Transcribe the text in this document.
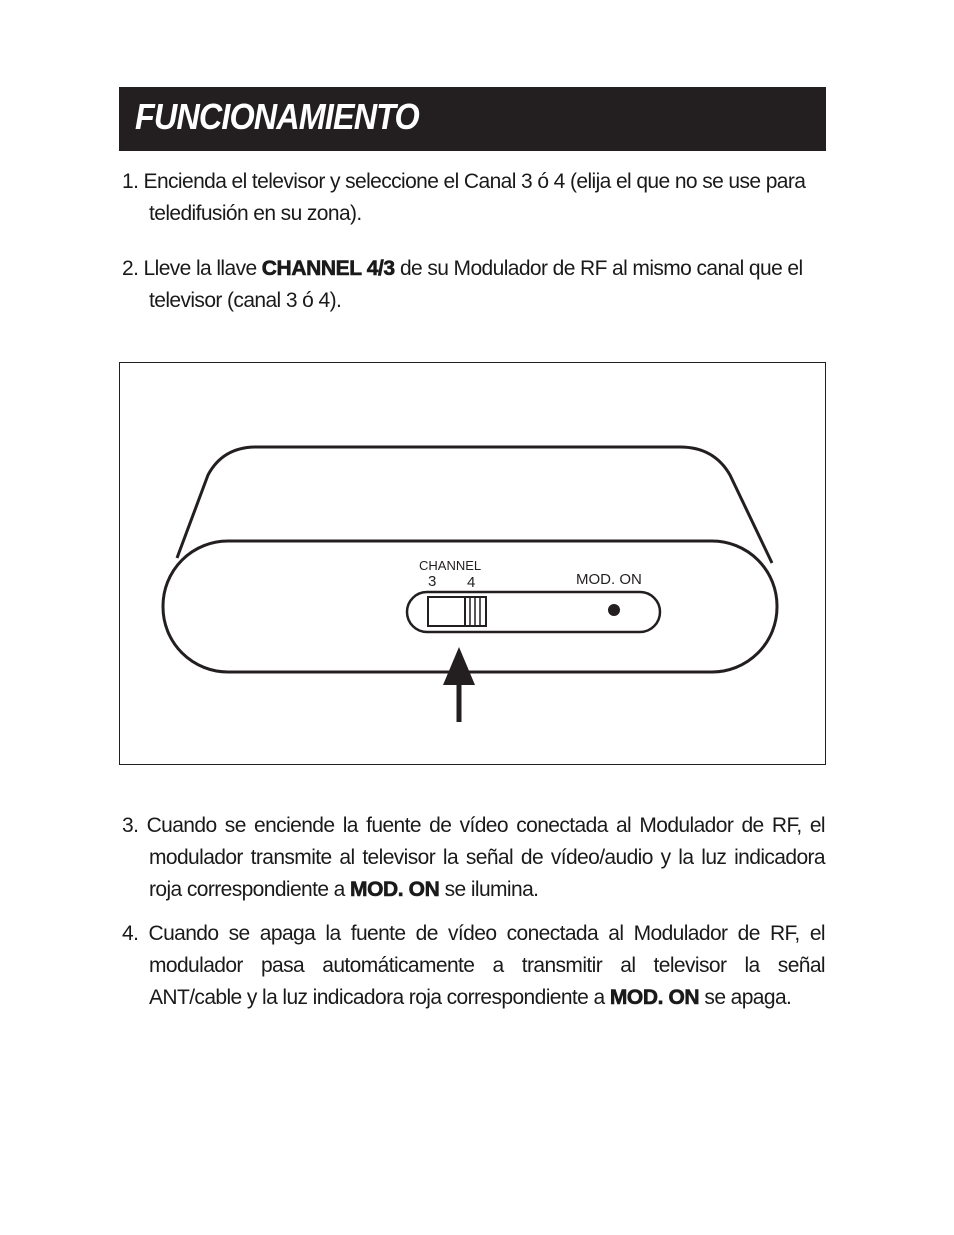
FUNCIONAMIENTO
1. Encienda el televisor y seleccione el Canal 3 ó 4 (elija el que no se use para
teledifusión en su zona).
2. Lleve la llave CHANNEL 4/3 de su Modulador de RF al mismo canal que el
televisor (canal 3 ó 4).
CHANNEL
3 4	MOD. ON
3. Cuando se enciende la fuente de vídeo conectada al Modulador de RF, el
modulador transmite al televisor la señal de vídeo/audio y la luz indicadora
roja correspondiente a MOD. ON se ilumina.
4. Cuando se apaga la fuente de vídeo conectada al Modulador de RF, el
modulador pasa automáticamente a transmitir al televisor la señal
ANT/cable y la luz indicadora roja correspondiente a MOD. ON se apaga.
